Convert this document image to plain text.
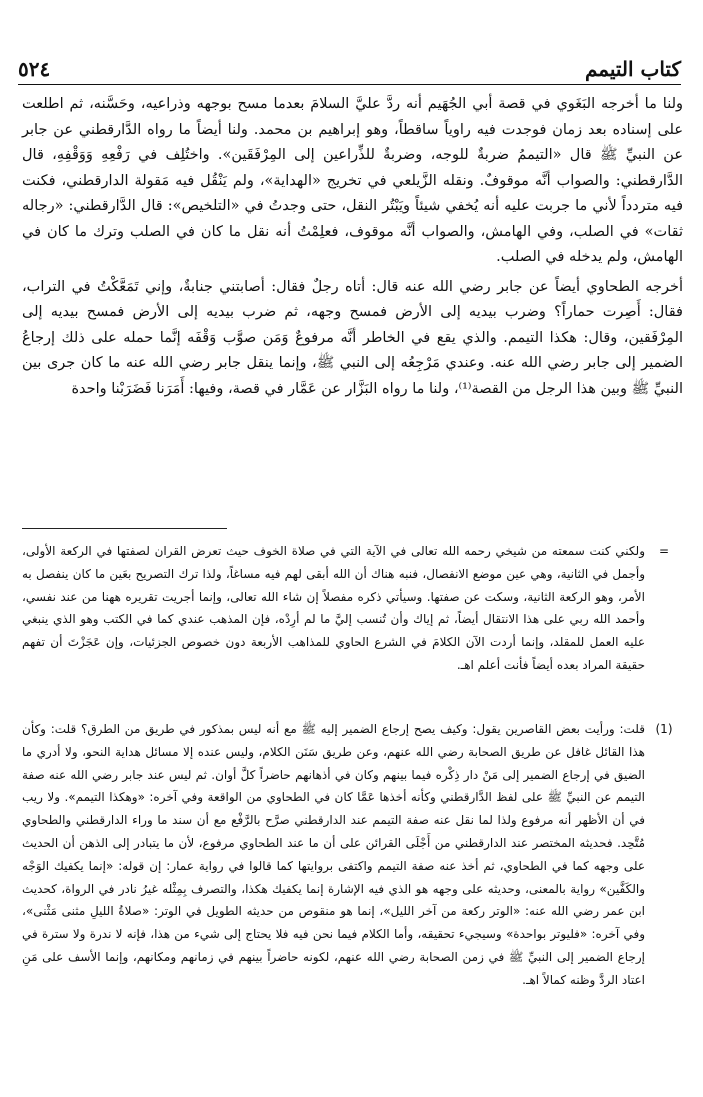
كتاب التيمم
٥٢٤

ولنا ما أخرجه البَغَوي في قصة أبي الجُهَيم أنه ردَّ عليَّ السلامَ بعدما مسح بوجهه وذراعيه، وحَسَّنه، ثم اطلعت على إسناده بعد زمان فوجدت فيه راوياً ساقطاً، وهو إبراهيم بن محمد. ولنا أيضاً ما رواه الدَّارقطني عن جابر عن النبيِّ ﷺ قال «التيممُ ضربةٌ للوجه، وضربةٌ للذِّراعين إلى المِرْفَقَين». واختُلِف في رَفْعِهِ وَوَقْفِهِ، قال الدَّارقطني: والصواب أنَّه موقوفٌ. ونقله الزَّيلعي في تخريج «الهداية»، ولم يَنْقُل فيه مَقولة الدارقطني، فكنت فيه متردداً لأني ما جربت عليه أنه يُخفي شيئاً ويَبْتُر النقل، حتى وجدتُ في «التلخيص»: قال الدَّارقطني: «رجاله ثقات» في الصلب، وفي الهامش، والصواب أنَّه موقوف، فعلِمْتُ أنه نقل ما كان في الصلب وترك ما كان في الهامش، ولم يدخله في الصلب.

أخرجه الطحاوي أيضاً عن جابر رضي الله عنه قال: أتاه رجلٌ فقال: أصابتني جنابةٌ، وإني تَمَعَّكْتُ في التراب، فقال: أَصِرت حماراً؟ وضرب بيديه إلى الأرض فمسح وجهه، ثم ضرب بيديه إلى الأرض فمسح بيديه إلى المِرْفَقين، وقال: هكذا التيمم. والذي يقع في الخاطر أنَّه مرفوعٌ وَمَن صوَّب وَقْفَه إنَّما حمله على ذلك إرجاعُ الضمير إلى جابر رضي الله عنه. وعندي مَرْجِعُه إلى النبي ﷺ، وإنما ينقل جابر رضي الله عنه ما كان جرى بين النبيِّ ﷺ وبين هذا الرجل من القصة⁽¹⁾، ولنا ما رواه البَزَّار عن عَمَّار في قصة، وفيها: أَمَرَنا فَضَرَبْنا واحدة

=

ولكني كنت سمعته من شيخي رحمه الله تعالى في الآية التي في صلاة الخوف حيث تعرض القران لصفتها في الركعة الأولى، وأجمل في الثانية، وهي عين موضع الانفصال، فنبه هناك أن الله أبقى لهم فيه مساغاً، ولذا ترك التصريح بعَين ما كان ينفصل به الأمر، وهو الركعة الثانية، وسكت عن صفتها. وسيأتي ذكره مفصلاً إن شاء الله تعالى، وإنما أجريت تقريره ههنا من عند نفسي، وأحمد الله ربي على هذا الانتقال أيضاً، ثم إياك وأن تُنسب إليَّ ما لم أرِدْه، فإن المذهب عندي كما في الكتب وهو الذي ينبغي عليه العمل للمقلد، وإنما أردت الآن الكلامَ في الشرع الحاوي للمذاهب الأربعة دون خصوص الجزئيات، وإن عَجَزْتَ أن تفهم حقيقة المراد بعده أيضاً فأنت أعلم اهـ.

(1)

قلت: ورأيت بعض القاصرين يقول: وكيف يصح إرجاع الضمير إليه ﷺ مع أنه ليس بمذكور في طريق من الطرق؟ قلت: وكأن هذا القائل غافل عن طريق الصحابة رضي الله عنهم، وعن طريق سَنَن الكلام، وليس عنده إلا مسائل هداية النحو، ولا أدري ما الضيق في إرجاع الضمير إلى مَنْ دار ذِكْره فيما بينهم وكان في أذهانهم حاضراً كلَّ أوان. ثم ليس عند جابر رضي الله عنه صفة التيمم عن النبيِّ ﷺ على لفظ الدَّارقطني وكأنه أخذها عَمَّا كان في الطحاوي من الواقعة وفي آخره: «وهكذا التيمم». ولا ريب في أن الأظهر أنه مرفوع ولذا لما نقل عنه صفة التيمم عند الدارقطني صرَّح بالرَّفْع مع أن سند ما وراء الدارقطني والطحاوي مُتَّحِد. فحديثه المختصر عند الدارقطني من أَجْلَى القرائن على أن ما عند الطحاوي مرفوع، لأن ما يتبادر إلى الذهن أن الحديث على وجهه كما في الطحاوي، ثم أخذ عنه صفة التيمم واكتفى بروايتها كما قالوا في رواية عمار: إن قوله: «إنما يكفيك الوَجْه والكَفَّين» رواية بالمعنى، وحديثه على وجهه هو الذي فيه الإشارة إنما يكفيك هكذا، والتصرف بِمِثْله غيرُ نادر في الرواة، كحديث ابن عمر رضي الله عنه: «الوتر ركعة من آخر الليل»، إنما هو منقوص من حديثه الطويل في الوتر: «صلاةُ الليلِ مثنى مَثْنى»، وفي آخره: «فليوتر بواحدة» وسيجيء تحقيقه، وأما الكلام فيما نحن فيه فلا يحتاج إلى شيء من هذا، فإنه لا ندرة ولا سترة في إرجاع الضمير إلى النبيِّ ﷺ في زمن الصحابة رضي الله عنهم، لكونه حاضراً بينهم في زمانهم ومكانهم، وإنما الأسف على مَنِ اعتاد الردَّ وظنه كمالاً اهـ.
